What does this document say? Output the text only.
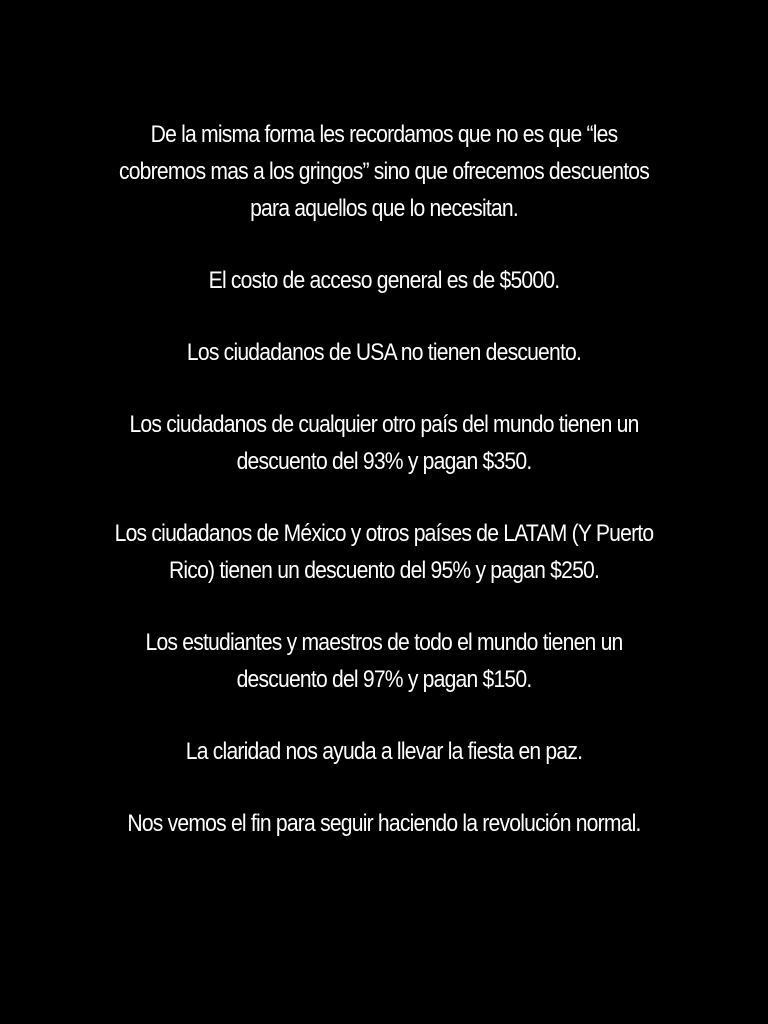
De la misma forma les recordamos que no es que “les
cobremos mas a los gringos” sino que ofrecemos descuentos
para aquellos que lo necesitan.

El costo de acceso general es de $5000.

Los ciudadanos de USA no tienen descuento.

Los ciudadanos de cualquier otro país del mundo tienen un
descuento del 93% y pagan $350.

Los ciudadanos de México y otros países de LATAM (Y Puerto
Rico) tienen un descuento del 95% y pagan $250.

Los estudiantes y maestros de todo el mundo tienen un
descuento del 97% y pagan $150.

La claridad nos ayuda a llevar la fiesta en paz.

Nos vemos el fin para seguir haciendo la revolución normal.
